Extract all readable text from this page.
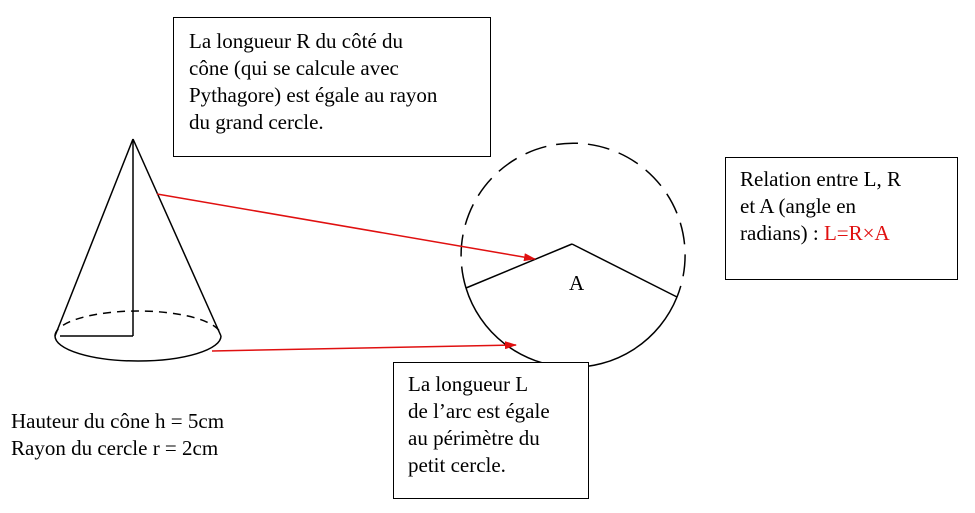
La longueur R du côté du
cône (qui se calcule avec
Pythagore) est égale au rayon
du grand cercle.
Relation entre L, R
et A (angle en
radians) : L=R×A
La longueur L
de l’arc est égale
au périmètre du
petit cercle.
Hauteur du cône h = 5cm
Rayon du cercle r = 2cm
A
